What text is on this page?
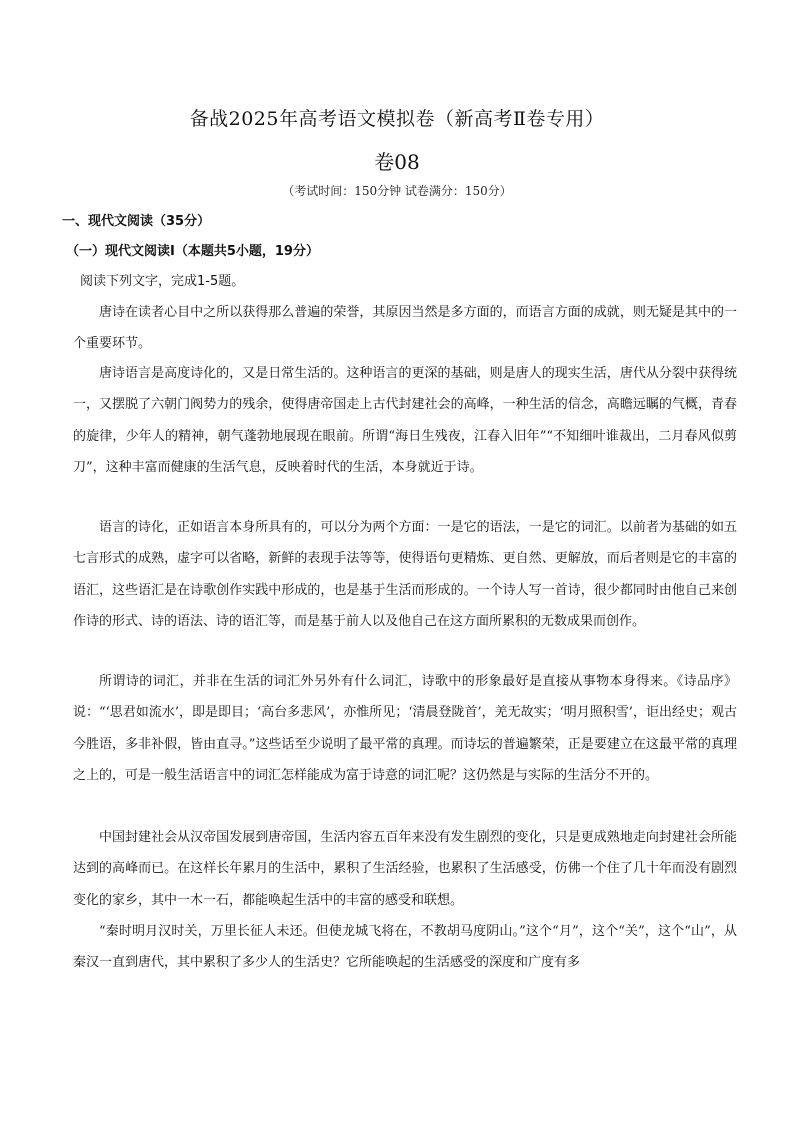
备战2025年高考语文模拟卷（新高考Ⅱ卷专用）
卷08
（考试时间：150分钟 试卷满分：150分）
一、现代文阅读（35分）
（一）现代文阅读Ⅰ（本题共5小题，19分）
阅读下列文字，完成1-5题。
唐诗在读者心目中之所以获得那么普遍的荣誉，其原因当然是多方面的，而语言方面的成就，则无疑是其中的一个重要环节。
唐诗语言是高度诗化的，又是日常生活的。这种语言的更深的基础，则是唐人的现实生活，唐代从分裂中获得统一，又摆脱了六朝门阀势力的残余，使得唐帝国走上古代封建社会的高峰，一种生活的信念，高瞻远瞩的气概，青春的旋律，少年人的精神，朝气蓬勃地展现在眼前。所谓“海日生残夜，江春入旧年”“不知细叶谁裁出，二月春风似剪刀”，这种丰富而健康的生活气息，反映着时代的生活，本身就近于诗。
语言的诗化，正如语言本身所具有的，可以分为两个方面：一是它的语法，一是它的词汇。以前者为基础的如五七言形式的成熟，虚字可以省略，新鲜的表现手法等等，使得语句更精炼、更自然、更解放，而后者则是它的丰富的语汇，这些语汇是在诗歌创作实践中形成的，也是基于生活而形成的。一个诗人写一首诗，很少都同时由他自己来创作诗的形式、诗的语法、诗的语汇等，而是基于前人以及他自己在这方面所累积的无数成果而创作。
所谓诗的词汇，并非在生活的词汇外另外有什么词汇，诗歌中的形象最好是直接从事物本身得来。《诗品序》说：“‘思君如流水’，即是即目；‘高台多悲风’，亦惟所见；‘清晨登陇首’，羌无故实；‘明月照积雪’，讵出经史；观古今胜语，多非补假，皆由直寻。”这些话至少说明了最平常的真理。而诗坛的普遍繁荣，正是要建立在这最平常的真理之上的，可是一般生活语言中的词汇怎样能成为富于诗意的词汇呢？这仍然是与实际的生活分不开的。
中国封建社会从汉帝国发展到唐帝国，生活内容五百年来没有发生剧烈的变化，只是更成熟地走向封建社会所能达到的高峰而已。在这样长年累月的生活中，累积了生活经验，也累积了生活感受，仿佛一个住了几十年而没有剧烈变化的家乡，其中一木一石，都能唤起生活中的丰富的感受和联想。
“秦时明月汉时关，万里长征人未还。但使龙城飞将在，不教胡马度阴山。”这个“月”，这个“关”，这个“山”，从秦汉一直到唐代，其中累积了多少人的生活史？它所能唤起的生活感受的深度和广度有多
